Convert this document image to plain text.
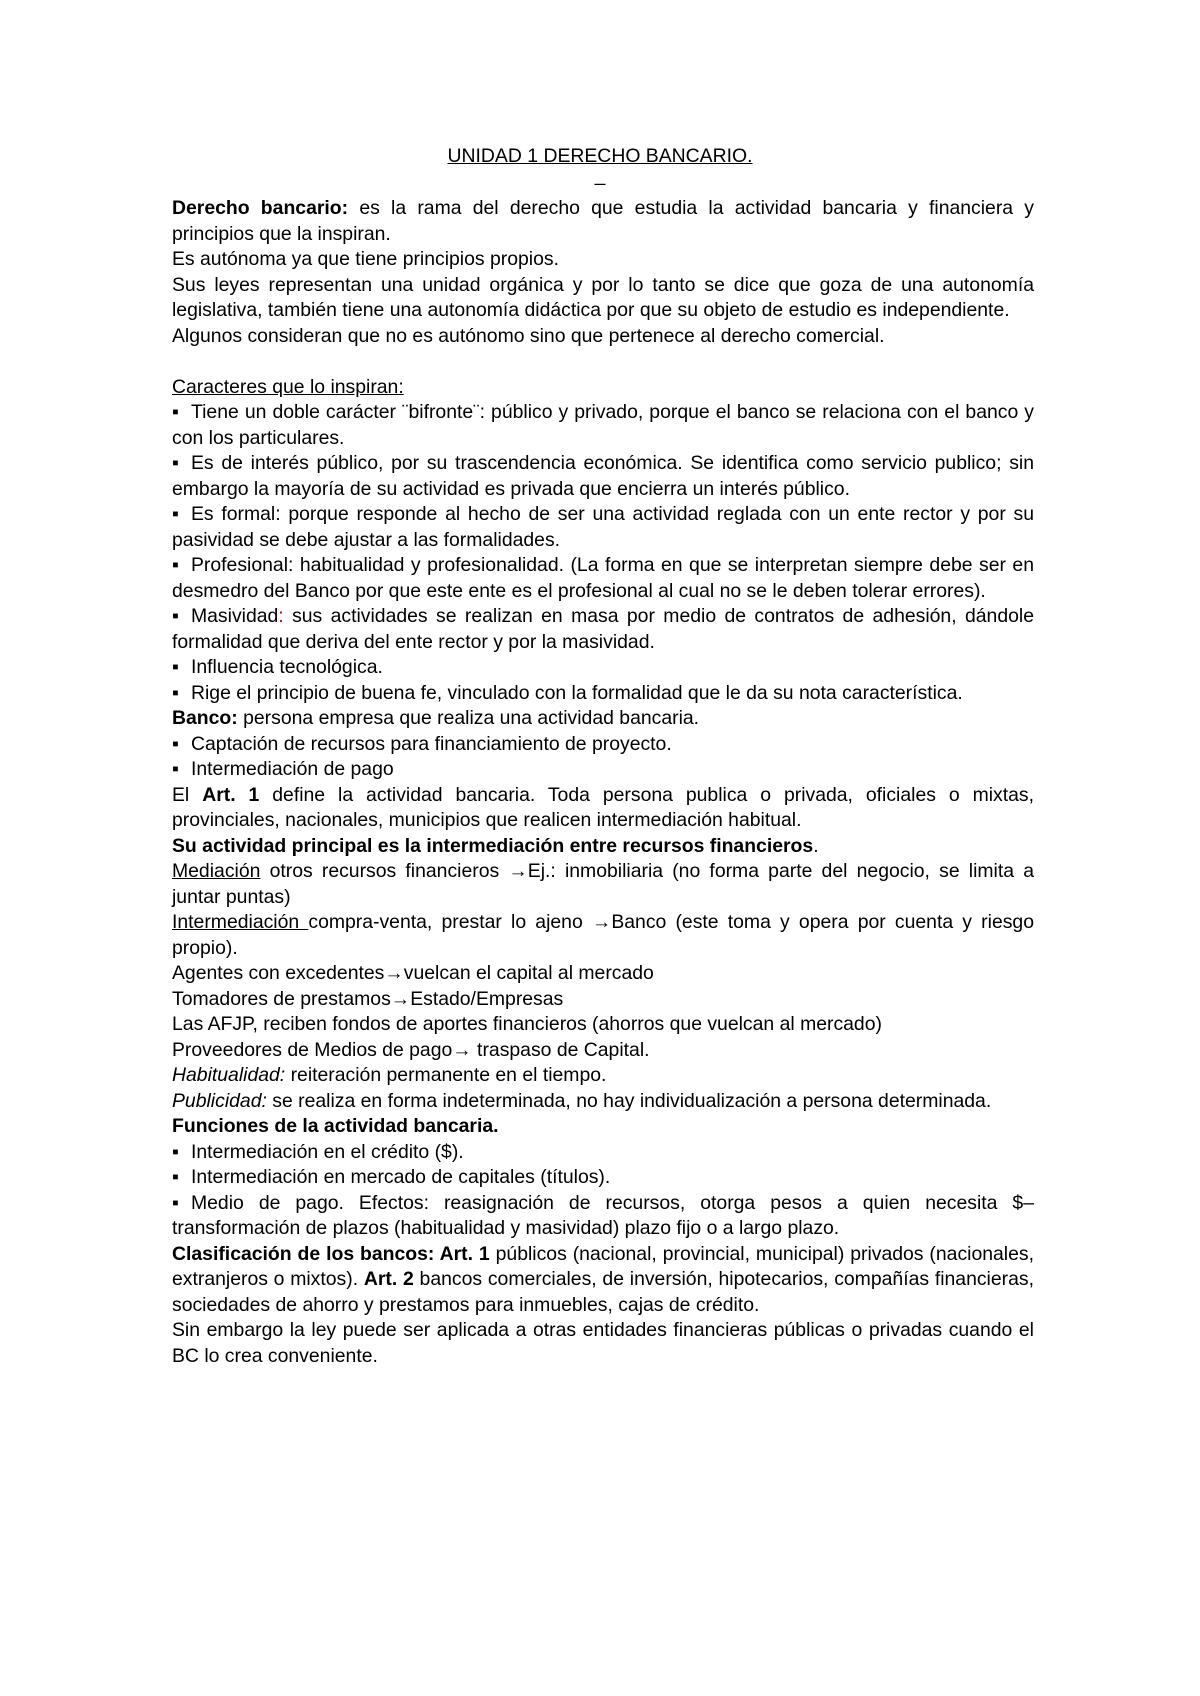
UNIDAD 1 DERECHO BANCARIO.
_

Derecho bancario: es la rama del derecho que estudia la actividad bancaria y financiera y principios que la inspiran.

Es autónoma ya que tiene principios propios.

Sus leyes representan una unidad orgánica y por lo tanto se dice que goza de una autonomía legislativa, también tiene una autonomía didáctica por que su objeto de estudio es independiente.

Algunos consideran que no es autónomo sino que pertenece al derecho comercial.

Caracteres que lo inspiran:

▪ Tiene un doble carácter ¨bifronte¨: público y privado, porque el banco se relaciona con el banco y con los particulares.

▪ Es de interés público, por su trascendencia económica. Se identifica como servicio publico; sin embargo la mayoría de su actividad es privada que encierra un interés público.

▪ Es formal: porque responde al hecho de ser una actividad reglada con un ente rector y por su pasividad se debe ajustar a las formalidades.

▪ Profesional: habitualidad y profesionalidad. (La forma en que se interpretan siempre debe ser en desmedro del Banco por que este ente es el profesional al cual no se le deben tolerar errores).

▪ Masividad: sus actividades se realizan en masa por medio de contratos de adhesión, dándole formalidad que deriva del ente rector y por la masividad.

▪ Influencia tecnológica.

▪ Rige el principio de buena fe, vinculado con la formalidad que le da su nota característica.

Banco: persona empresa que realiza una actividad bancaria.

▪ Captación de recursos para financiamiento de proyecto.

▪ Intermediación de pago

El Art. 1 define la actividad bancaria. Toda persona publica o privada, oficiales o mixtas, provinciales, nacionales, municipios que realicen intermediación habitual.

Su actividad principal es la intermediación entre recursos financieros.

Mediación otros recursos financieros →Ej.: inmobiliaria (no forma parte del negocio, se limita a juntar puntas)

Intermediación compra-venta, prestar lo ajeno →Banco (este toma y opera por cuenta y riesgo propio).

Agentes con excedentes→vuelcan el capital al mercado

Tomadores de prestamos→Estado/Empresas

Las AFJP, reciben fondos de aportes financieros (ahorros que vuelcan al mercado)

Proveedores de Medios de pago→ traspaso de Capital.

Habitualidad: reiteración permanente en el tiempo.

Publicidad: se realiza en forma indeterminada, no hay individualización a persona determinada.

Funciones de la actividad bancaria.

▪ Intermediación en el crédito ($).

▪ Intermediación en mercado de capitales (títulos).

▪ Medio de pago. Efectos: reasignación de recursos, otorga pesos a quien necesita $– transformación de plazos (habitualidad y masividad) plazo fijo o a largo plazo.

Clasificación de los bancos: Art. 1 públicos (nacional, provincial, municipal) privados (nacionales, extranjeros o mixtos). Art. 2 bancos comerciales, de inversión, hipotecarios, compañías financieras, sociedades de ahorro y prestamos para inmuebles, cajas de crédito.

Sin embargo la ley puede ser aplicada a otras entidades financieras públicas o privadas cuando el BC lo crea conveniente.
